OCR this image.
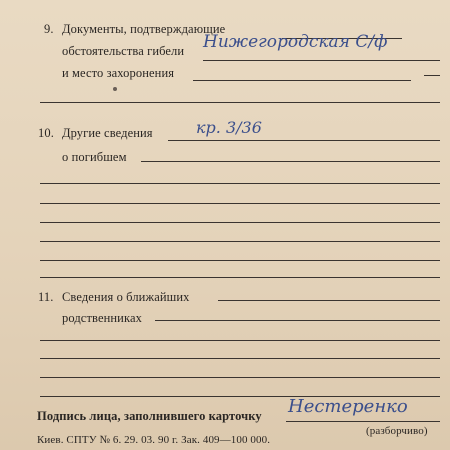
9. Документы, подтверждающие
обстоятельства гибели Нижегородская С/ф
и место захоронения
10. Другие сведения	кр. 3/36
о погибшем
11. Сведения о ближайших
родственниках
Подпись лица, заполнившего карточку Нестеренко
(разборчиво)
Киев. СПТУ № 6. 29. 03. 90 г. Зак. 409—100 000.
